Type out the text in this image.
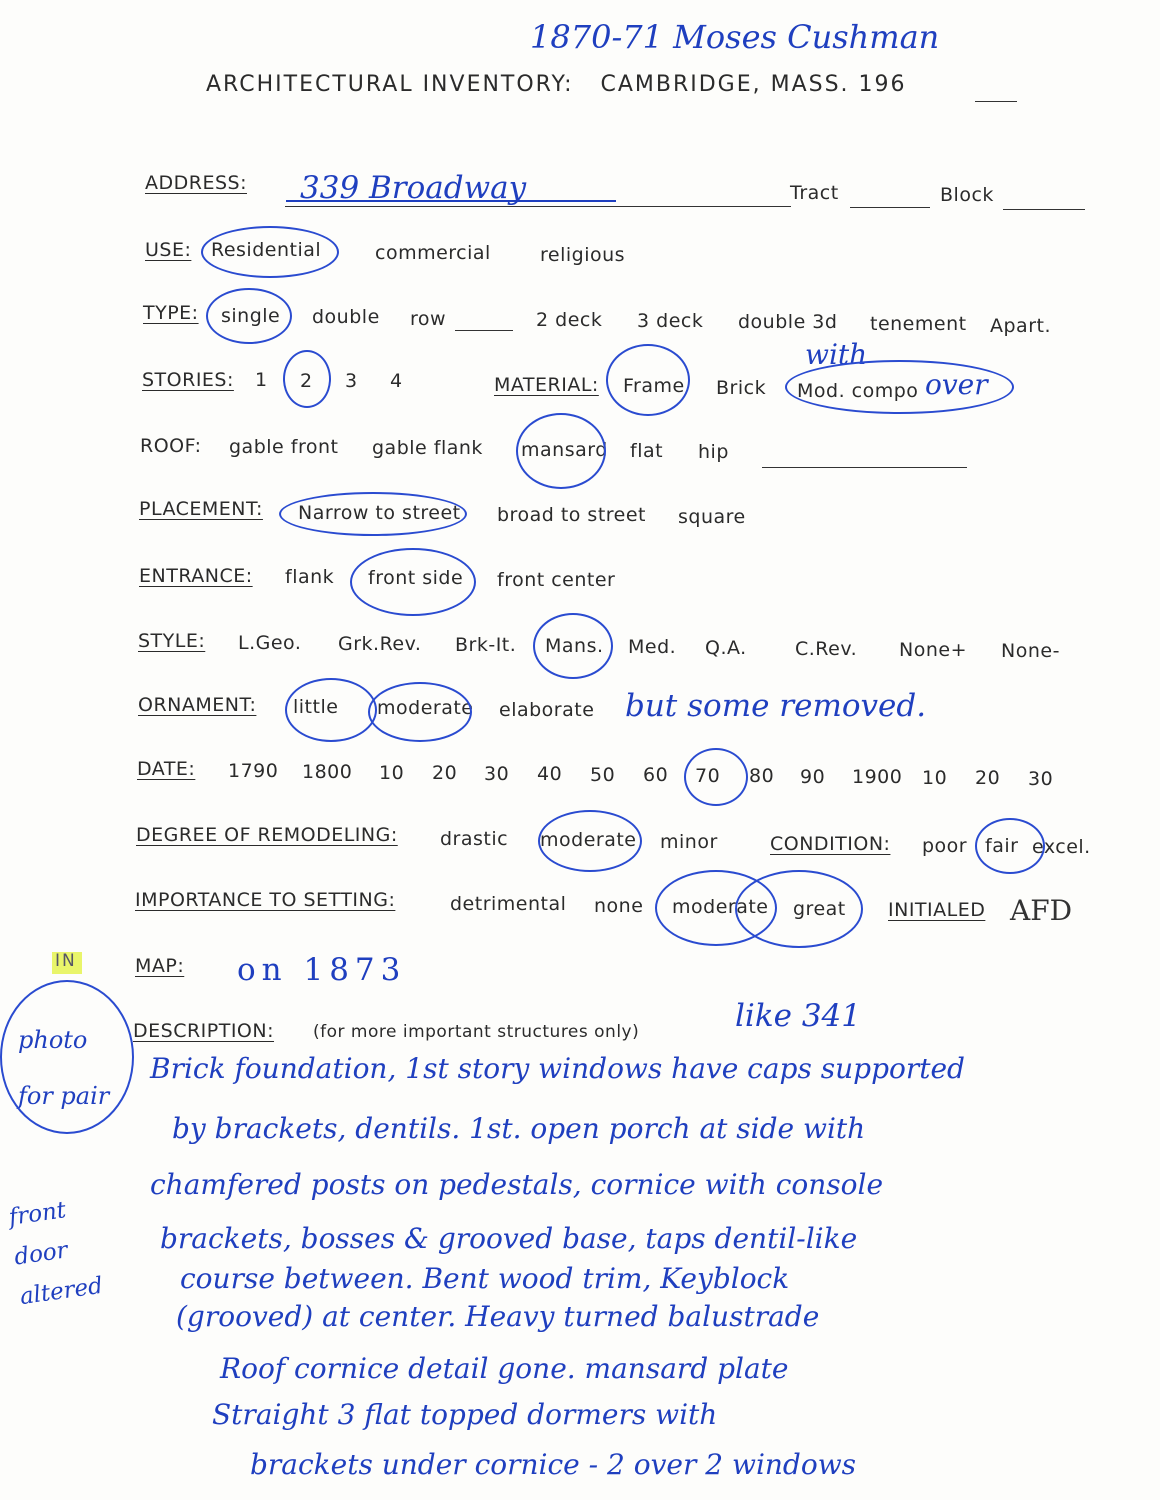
1870-71 Moses Cushman
ARCHITECTURAL INVENTORY:   CAMBRIDGE, MASS. 196
ADDRESS: 339 Broadway	Tract	Block
USE: Residential	commercial	religious
TYPE: single double row	2 deck 3 deck double 3d tenement Apart.
STORIES: 1 2 3 4	MATERIAL: Frame Brick Mod. compo
with
over
ROOF: gable front gable flank mansard flat hip
PLACEMENT: Narrow to street broad to street square
ENTRANCE: flank front side front center
STYLE: L.Geo. Grk.Rev. Brk-It. Mans. Med. Q.A.	C.Rev. None+ None-
ORNAMENT: little moderate elaborate but some removed.
DATE: 1790 1800 10 20 30 40 50 60 70 80 90 1900 10 20 30
DEGREE OF REMODELING: drastic moderate minor	CONDITION: poor fair excel.
IMPORTANCE TO SETTING:	detrimental none moderate great INITIALED AFD
IN	MAP: on 1873
photo for pair
DESCRIPTION: (for more important structures only)	like 341
Brick foundation, 1st story windows have caps supported
by brackets, dentils. 1st. open porch at side with
chamfered posts on pedestals, cornice with console
brackets, bosses & grooved base, taps dentil-like
course between. Bent wood trim, Keyblock
(grooved) at center. Heavy turned balustrade
Roof cornice detail gone. mansard plate
Straight 3 flat topped dormers with
brackets under cornice - 2 over 2 windows
front door altered
